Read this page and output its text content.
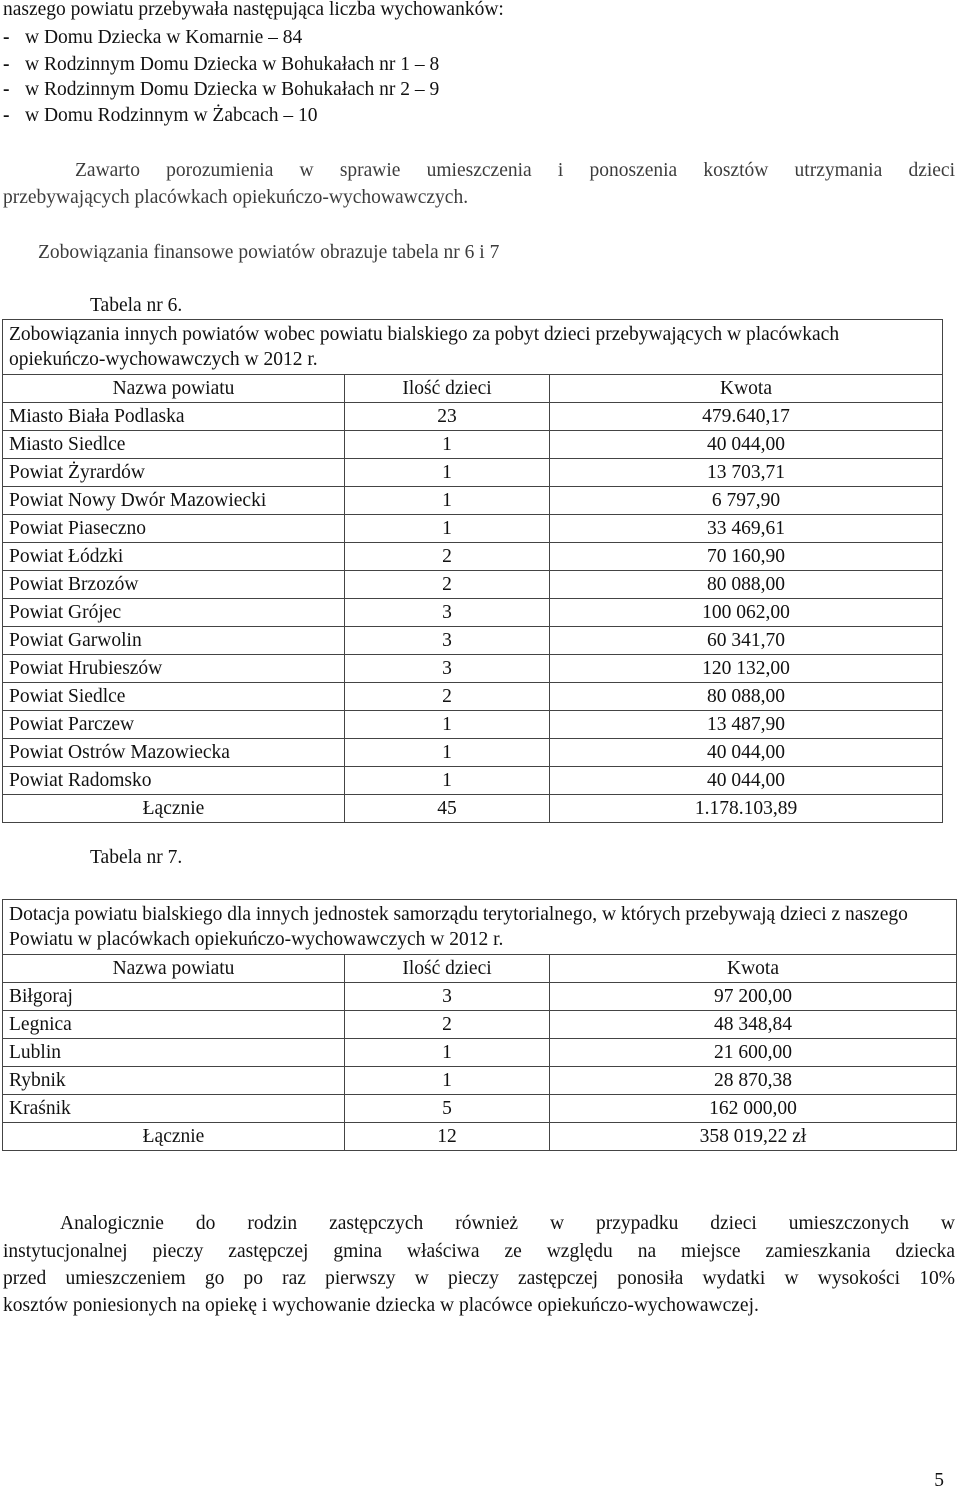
naszego powiatu przebywała następująca liczba wychowanków:
- w Domu Dziecka w Komarnie – 84
- w Rodzinnym Domu Dziecka w Bohukałach nr 1 – 8
- w Rodzinnym Domu Dziecka w Bohukałach nr 2 – 9
- w Domu Rodzinnym w Żabcach – 10
Zawarto porozumienia w sprawie umieszczenia i ponoszenia kosztów utrzymania dzieci
przebywających placówkach opiekuńczo-wychowawczych.
Zobowiązania finansowe powiatów obrazuje tabela nr 6 i 7
Tabela nr 6.
Zobowiązania innych powiatów wobec powiatu bialskiego za pobyt dzieci przebywających w placówkach opiekuńczo-wychowawczych w 2012 r.		
Nazwa powiatu	Ilość dzieci	Kwota
Miasto Biała Podlaska	23	479.640,17
Miasto Siedlce	1	40 044,00
Powiat Żyrardów	1	13 703,71
Powiat Nowy Dwór Mazowiecki	1	6 797,90
Powiat Piaseczno	1	33 469,61
Powiat Łódzki	2	70 160,90
Powiat Brzozów	2	80 088,00
Powiat Grójec	3	100 062,00
Powiat Garwolin	3	60 341,70
Powiat Hrubieszów	3	120 132,00
Powiat Siedlce	2	80 088,00
Powiat Parczew	1	13 487,90
Powiat Ostrów Mazowiecka	1	40 044,00
Powiat Radomsko	1	40 044,00
Łącznie	45	1.178.103,89
Tabela nr 7.
Dotacja powiatu bialskiego dla innych jednostek samorządu terytorialnego, w których przebywają dzieci z naszego Powiatu w placówkach opiekuńczo-wychowawczych w 2012 r.		
Nazwa powiatu	Ilość dzieci	Kwota
Biłgoraj	3	97 200,00
Legnica	2	48 348,84
Lublin	1	21 600,00
Rybnik	1	28 870,38
Kraśnik	5	162 000,00
Łącznie	12	358 019,22 zł
Analogicznie do rodzin zastępczych również w przypadku dzieci umieszczonych w
instytucjonalnej pieczy zastępczej gmina właściwa ze względu na miejsce zamieszkania dziecka
przed umieszczeniem go po raz pierwszy w pieczy zastępczej ponosiła wydatki w wysokości 10%
kosztów poniesionych na opiekę i wychowanie dziecka w placówce opiekuńczo-wychowawczej.
5
